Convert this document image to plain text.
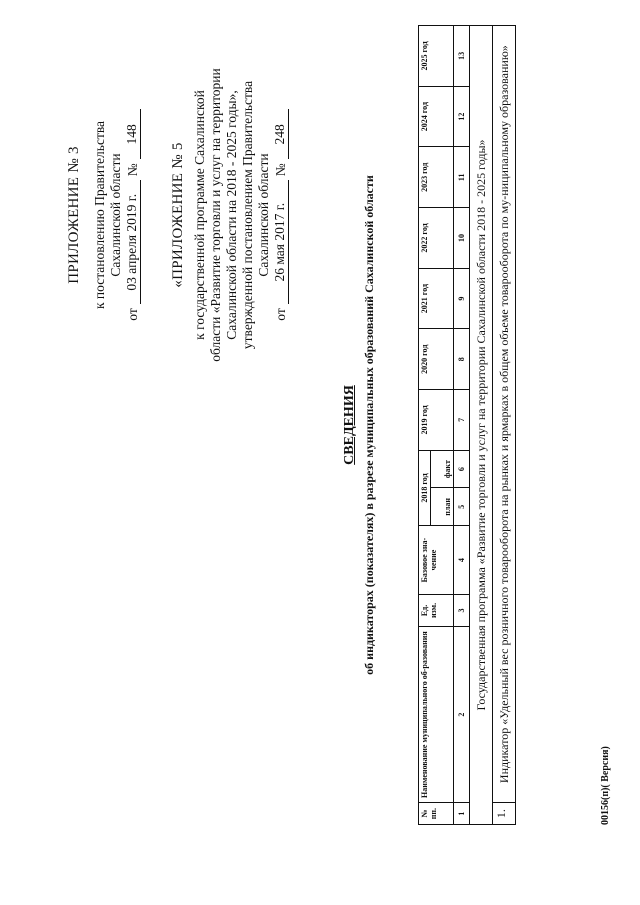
ПРИЛОЖЕНИЕ № 3 к постановлению Правительства Сахалинской области
от
03 апреля 2019 г.
№
148
«ПРИЛОЖЕНИЕ № 5 к государственной программе Сахалинской области «Развитие торговли и услуг на территории Сахалинской области на 2018 - 2025 годы», утвержденной постановлением Правительства Сахалинской области
от
26 мая 2017 г.
№
248
СВЕДЕНИЯ об индикаторах (показателях) в разрезе муниципальных образований Сахалинской области
№ пп.	Наименование муниципального об-разования	Ед. изм.	Базовое зна-чение	2018 год		2019 год	2020 год	2021 год	2022 год	2023 год	2024 год	2025 год
				план	факт							
1	2	3	4	5	6	7	8	9	10	11	12	13
Государственная программа «Развитие торговли и услуг на территории Сахалинской области 2018 - 2025 годы»												
1.	Индикатор «Удельный вес розничного товарооборота на рынках и ярмарках в общем объеме товарооборота по му-ниципальному образованию»											
00156(п)( Версия)
